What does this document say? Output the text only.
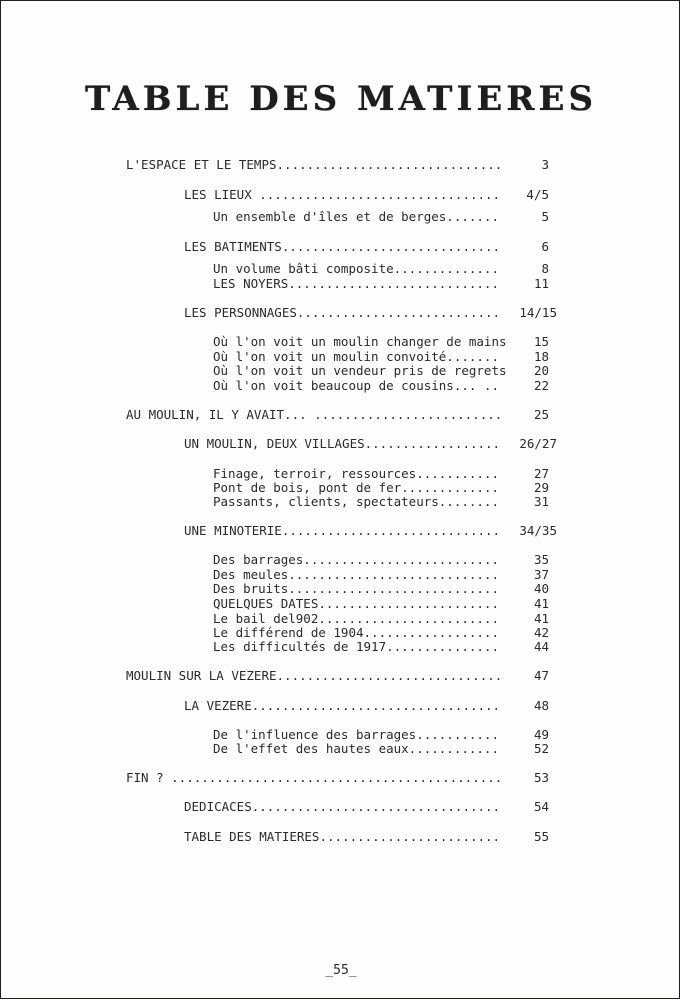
TABLE DES MATIERES
L'ESPACE ET LE TEMPS..............................	3
LES LIEUX ................................	4/5
Un ensemble d'îles et de berges.......	5
LES BATIMENTS.............................	6
Un volume bâti composite..............	8
LES NOYERS............................	11
LES PERSONNAGES........................... 14/15
Où l'on voit un moulin changer de mains	15
Où l'on voit un moulin convoité.......	18
Où l'on voit un vendeur pris de regrets	20
Où l'on voit beaucoup de cousins... ..	22
AU MOULIN, IL Y AVAIT... .........................	25
UN MOULIN, DEUX VILLAGES.................. 26/27
Finage, terroir, ressources...........	27
Pont de bois, pont de fer.............	29
Passants, clients, spectateurs........	31
UNE MINOTERIE............................. 34/35
Des barrages..........................	35
Des meules............................	37
Des bruits............................	40
QUELQUES DATES........................	41
Le bail del902........................	41
Le différend de 1904..................	42
Les difficultés de 1917...............	44
MOULIN SUR LA VEZERE..............................	47
LA VEZERE.................................	48
De l'influence des barrages...........	49
De l'effet des hautes eaux............	52
FIN ? ............................................	53
DEDICACES.................................	54
TABLE DES MATIERES........................	55
_55_
